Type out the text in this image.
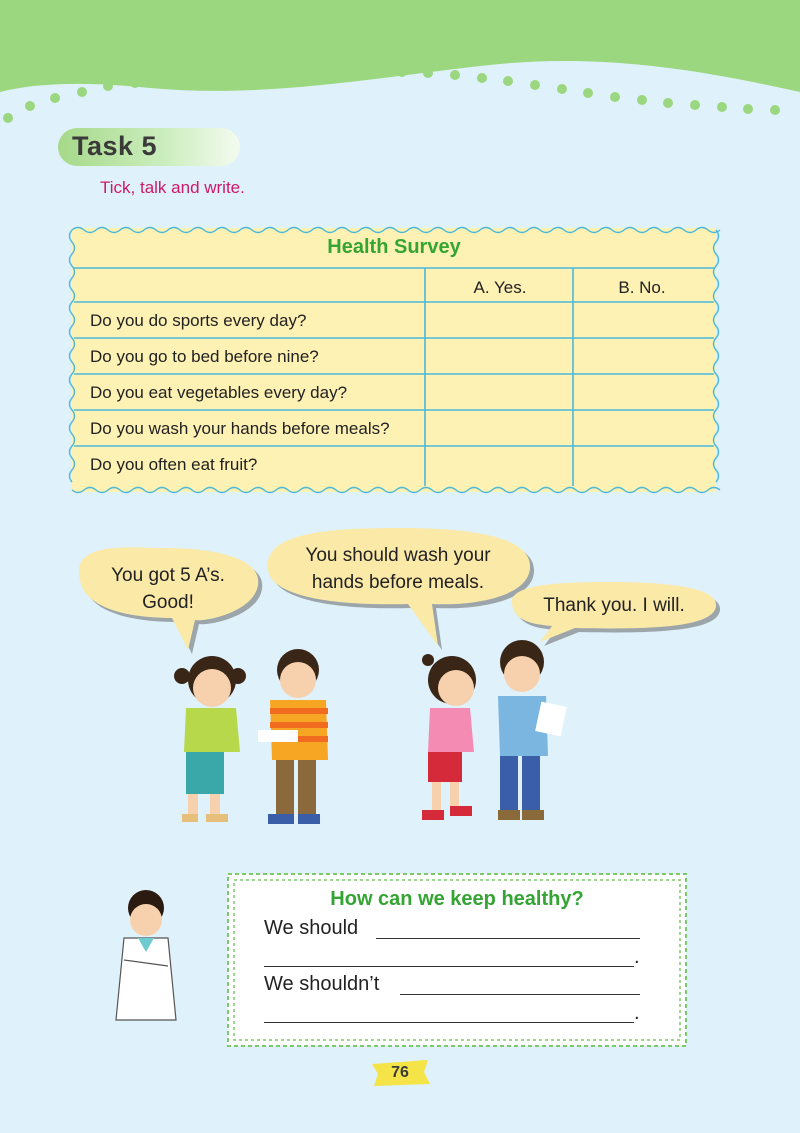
Task 5
Tick, talk and write.
Health Survey
A. Yes.	B. No.
Do you do sports every day?
Do you go to bed before nine?
Do you eat vegetables every day?
Do you wash your hands before meals?
Do you often eat fruit?
You got 5 A’s.
Good!
You should wash your
hands before meals.
Thank you. I will.
How can we keep healthy?
We should
.
We shouldn’t
.
76
